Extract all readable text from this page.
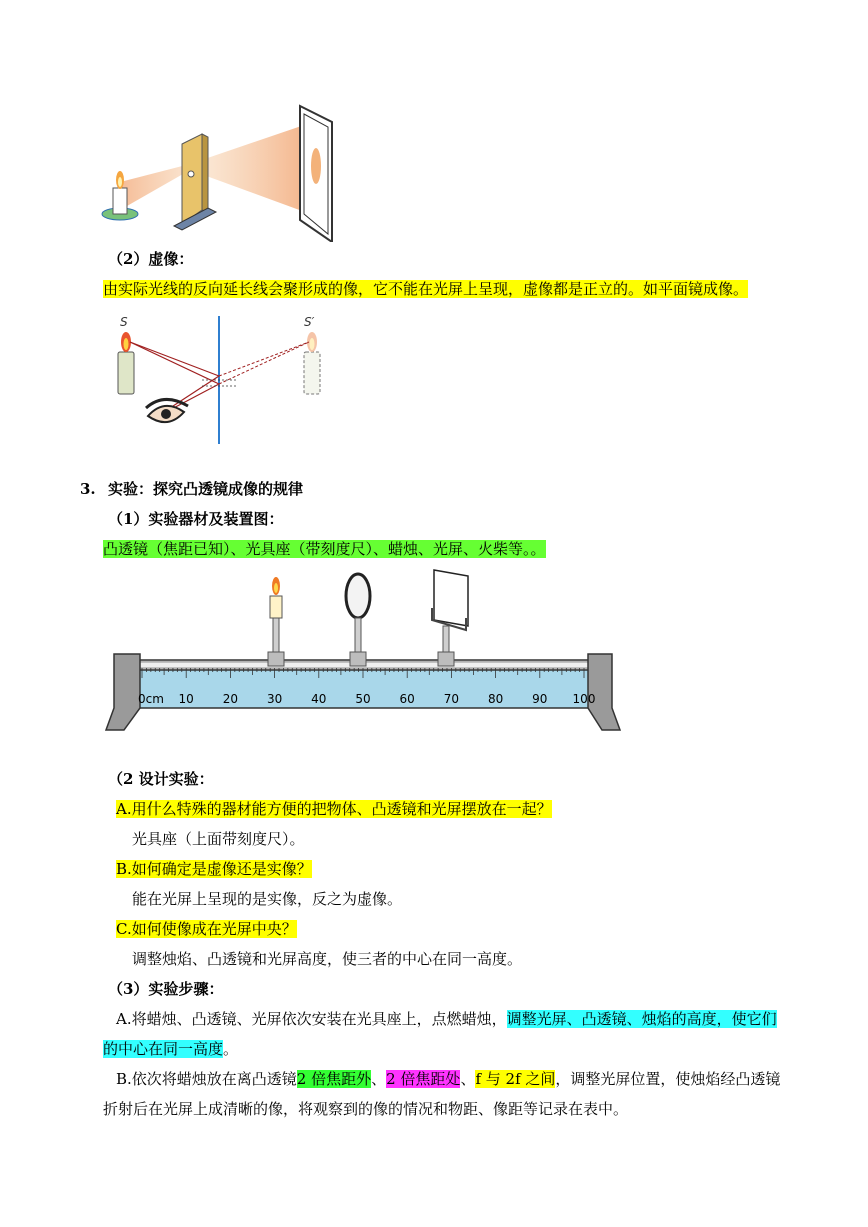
（2）虚像：
由实际光线的反向延长线会聚形成的像，它不能在光屏上呈现，虚像都是正立的。如平面镜成像。
S	S′
3. 实验：探究凸透镜成像的规律
（1）实验器材及装置图：
凸透镜（焦距已知）、光具座（带刻度尺）、蜡烛、光屏、火柴等。。
0cm 10 20 30 40 50 60 70 80 90 100
（2 设计实验：
A.用什么特殊的器材能方便的把物体、凸透镜和光屏摆放在一起？
光具座（上面带刻度尺）。
B.如何确定是虚像还是实像？
能在光屏上呈现的是实像，反之为虚像。
C.如何使像成在光屏中央？
调整烛焰、凸透镜和光屏高度，使三者的中心在同一高度。
（3）实验步骤：
A.将蜡烛、凸透镜、光屏依次安装在光具座上，点燃蜡烛，调整光屏、凸透镜、烛焰的高度，使它们
的中心在同一高度。
B.依次将蜡烛放在离凸透镜2 倍焦距外、2 倍焦距处、f 与 2f 之间，调整光屏位置，使烛焰经凸透镜
折射后在光屏上成清晰的像，将观察到的像的情况和物距、像距等记录在表中。
